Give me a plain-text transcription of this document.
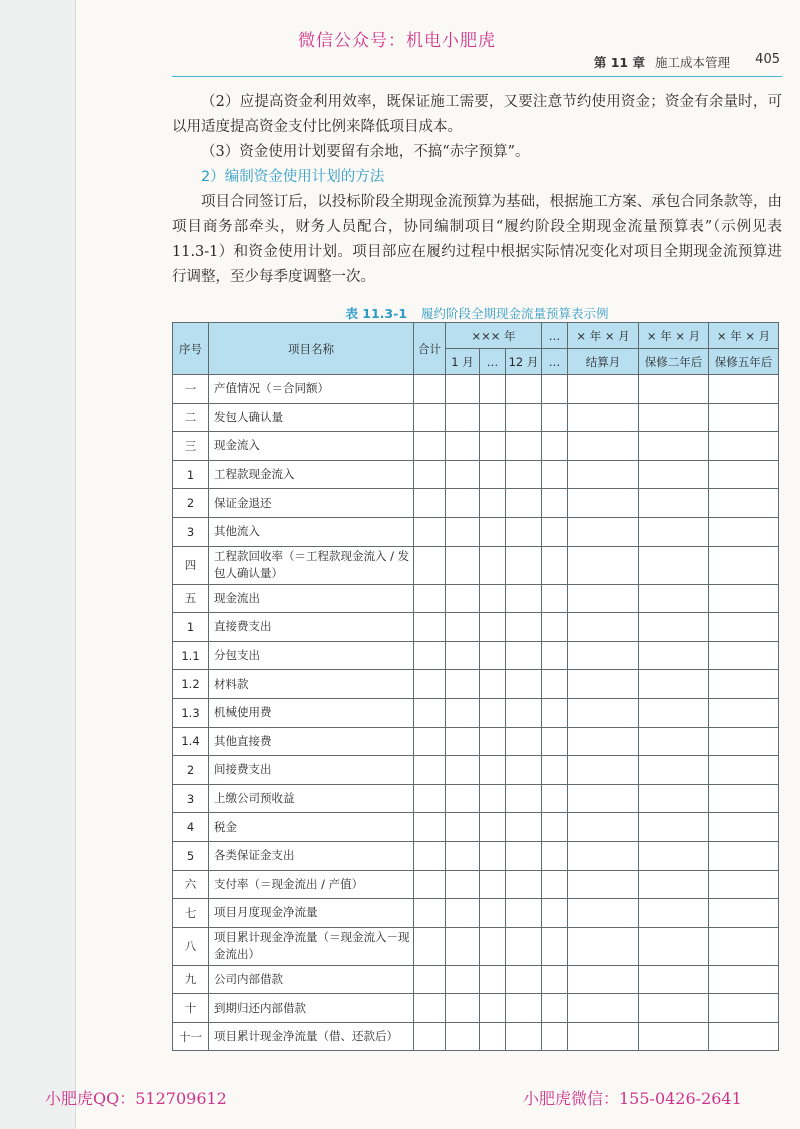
微信公众号：机电小肥虎
第 11 章 施工成本管理 405

（2）应提高资金利用效率，既保证施工需要，又要注意节约使用资金；资金有余量时，可以用适度提高资金支付比例来降低项目成本。

（3）资金使用计划要留有余地，不搞“赤字预算”。

2）编制资金使用计划的方法

项目合同签订后，以投标阶段全期现金流预算为基础，根据施工方案、承包合同条款等，由项目商务部牵头，财务人员配合，协同编制项目“履约阶段全期现金流量预算表”（示例见表 11.3-1）和资金使用计划。项目部应在履约过程中根据实际情况变化对项目全期现金流预算进行调整，至少每季度调整一次。

表 11.3-1 履约阶段全期现金流量预算表示例
序号	项目名称	合计	××× 年			…	× 年 × 月	× 年 × 月	× 年 × 月
			1 月	…	12 月	…	结算月	保修二年后	保修五年后
一	产值情况（＝合同额）								
二	发包人确认量								
三	现金流入								
1	工程款现金流入								
2	保证金退还								
3	其他流入								
四	工程款回收率（＝工程款现金流入 / 发包人确认量）								
五	现金流出								
1	直接费支出								
1.1	分包支出								
1.2	材料款								
1.3	机械使用费								
1.4	其他直接费								
2	间接费支出								
3	上缴公司预收益								
4	税金								
5	各类保证金支出								
六	支付率（＝现金流出 / 产值）								
七	项目月度现金净流量								
八	项目累计现金净流量（＝现金流入－现金流出）								
九	公司内部借款								
十	到期归还内部借款								
十一	项目累计现金净流量（借、还款后）								
小肥虎QQ：512709612	小肥虎微信：155-0426-2641
